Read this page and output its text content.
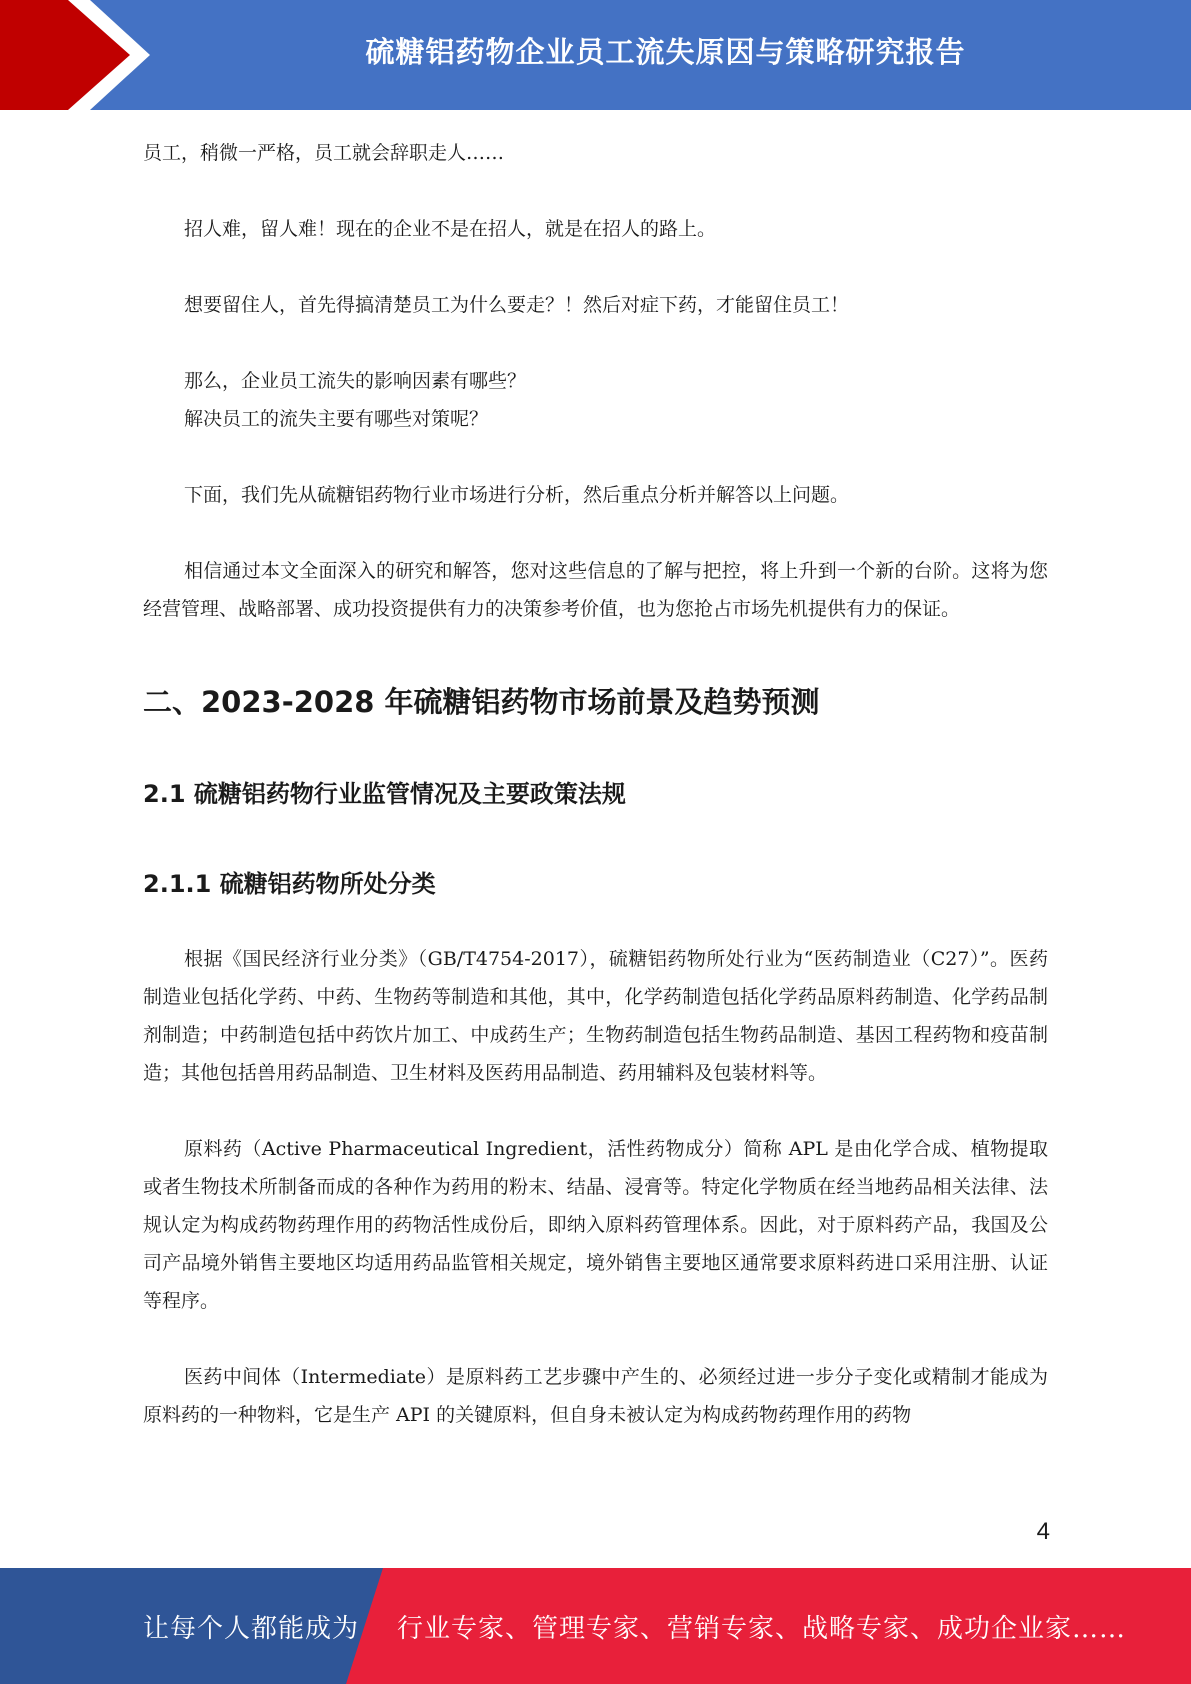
硫糖铝药物企业员工流失原因与策略研究报告

员工，稍微一严格，员工就会辞职走人……

招人难，留人难！现在的企业不是在招人，就是在招人的路上。

想要留住人，首先得搞清楚员工为什么要走？！然后对症下药，才能留住员工！

那么，企业员工流失的影响因素有哪些？

解决员工的流失主要有哪些对策呢？

下面，我们先从硫糖铝药物行业市场进行分析，然后重点分析并解答以上问题。

相信通过本文全面深入的研究和解答，您对这些信息的了解与把控，将上升到一个新的台阶。这将为您经营管理、战略部署、成功投资提供有力的决策参考价值，也为您抢占市场先机提供有力的保证。

二、2023-2028 年硫糖铝药物市场前景及趋势预测
2.1 硫糖铝药物行业监管情况及主要政策法规
2.1.1 硫糖铝药物所处分类

根据《国民经济行业分类》（GB/T4754-2017），硫糖铝药物所处行业为“医药制造业（C27）”。医药制造业包括化学药、中药、生物药等制造和其他，其中，化学药制造包括化学药品原料药制造、化学药品制剂制造；中药制造包括中药饮片加工、中成药生产；生物药制造包括生物药品制造、基因工程药物和疫苗制造；其他包括兽用药品制造、卫生材料及医药用品制造、药用辅料及包装材料等。

原料药（Active Pharmaceutical Ingredient，活性药物成分）简称 APL 是由化学合成、植物提取或者生物技术所制备而成的各种作为药用的粉末、结晶、浸膏等。特定化学物质在经当地药品相关法律、法规认定为构成药物药理作用的药物活性成份后，即纳入原料药管理体系。因此，对于原料药产品，我国及公司产品境外销售主要地区均适用药品监管相关规定，境外销售主要地区通常要求原料药进口采用注册、认证等程序。

医药中间体（Intermediate）是原料药工艺步骤中产生的、必须经过进一步分子变化或精制才能成为原料药的一种物料，它是生产 API 的关键原料，但自身未被认定为构成药物药理作用的药物

4
让每个人都能成为 行业专家、管理专家、营销专家、战略专家、成功企业家……
